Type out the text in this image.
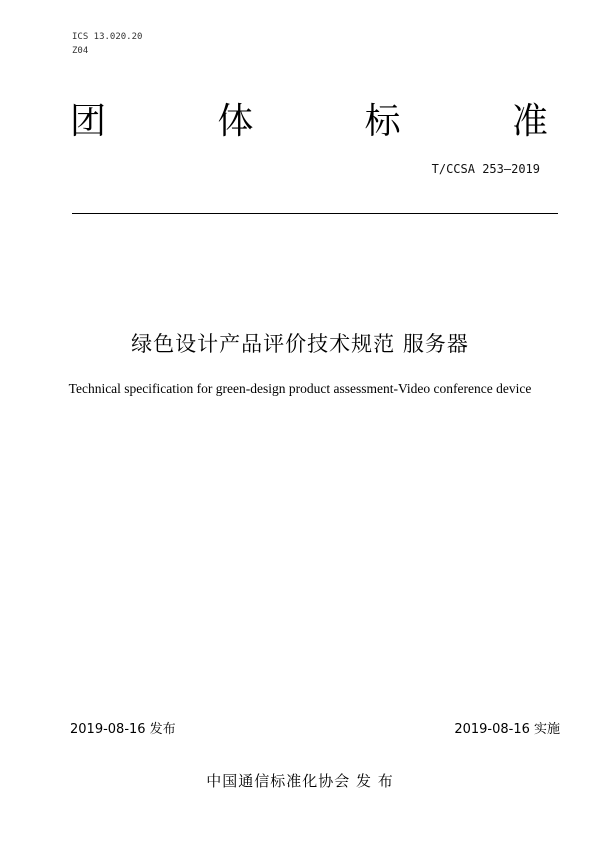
ICS 13.020.20
Z04
团	体	标	准
T/CCSA 253—2019
绿色设计产品评价技术规范 服务器
Technical specification for green-design product assessment-Video conference device
2019-08-16 发布	2019-08-16 实施
中国通信标准化协会 发 布
